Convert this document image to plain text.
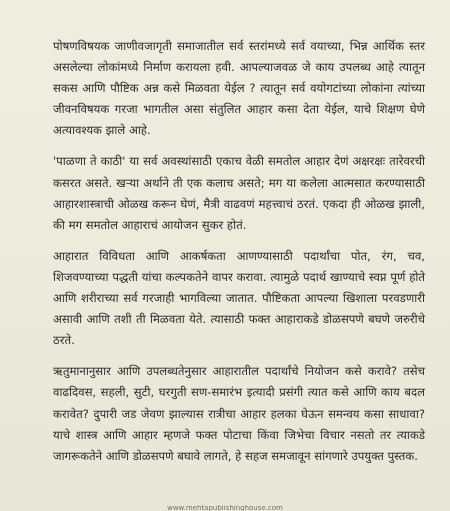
पोषणविषयक जाणीवजागृती समाजातील सर्व स्तरांमध्ये सर्व वयाच्या, भिन्न आर्थिक स्तर असलेल्या लोकांमध्ये निर्माण करायला हवी. आपल्याजवळ जे काय उपलब्ध आहे त्यातून सकस आणि पौष्टिक अन्न कसे मिळवता येईल ? त्यातून सर्व वयोगटांच्या लोकांना त्यांच्या जीवनविषयक गरजा भागतील असा संतुलित आहार कसा देता येईल, याचे शिक्षण घेणे अत्यावश्यक झाले आहे.

'पाळणा ते काठी' या सर्व अवस्थांसाठी एकाच वेळी समतोल आहार देणं अक्षरक्षः तारेवरची कसरत असते. खऱ्या अर्थाने ती एक कलाच असते; मग या कलेला आत्मसात करण्यासाठी आहारशास्त्राची ओळख करून घेणं, मैत्री वाढवणं महत्त्वाचं ठरतं. एकदा ही ओळख झाली, की मग समतोल आहाराचं आयोजन सुकर होतं.

आहारात विविधता आणि आकर्षकता आणण्यासाठी पदार्थांचा पोत, रंग, चव, शिजवण्याच्या पद्धती यांचा कल्पकतेने वापर करावा. त्यामुळे पदार्थ खाण्याचे स्वप्न पूर्ण होते आणि शरीराच्या सर्व गरजाही भागविल्या जातात. पौष्टिकता आपल्या खिशाला परवडणारी असावी आणि तशी ती मिळवता येते. त्यासाठी फक्त आहाराकडे डोळसपणे बघणे जरुरीचे ठरते.

ऋतुमानानुसार आणि उपलब्धतेनुसार आहारातील पदार्थांचे नियोजन कसे करावे? तसेच वाढदिवस, सहली, सुटी, घरगुती सण-समारंभ इत्यादी प्रसंगी त्यात कसे आणि काय बदल करावेत? दुपारी जड जेवण झाल्यास रात्रीचा आहार हलका घेऊन समन्वय कसा साधावा? याचे शास्त्र आणि आहार म्हणजे फक्त पोटाचा किंवा जिभेचा विचार नसतो तर त्याकडे जागरूकतेने आणि डोळसपणे बघावे लागते, हे सहज समजावून सांगणारे उपयुक्त पुस्तक.

www.mehtapublishinghouse.com
